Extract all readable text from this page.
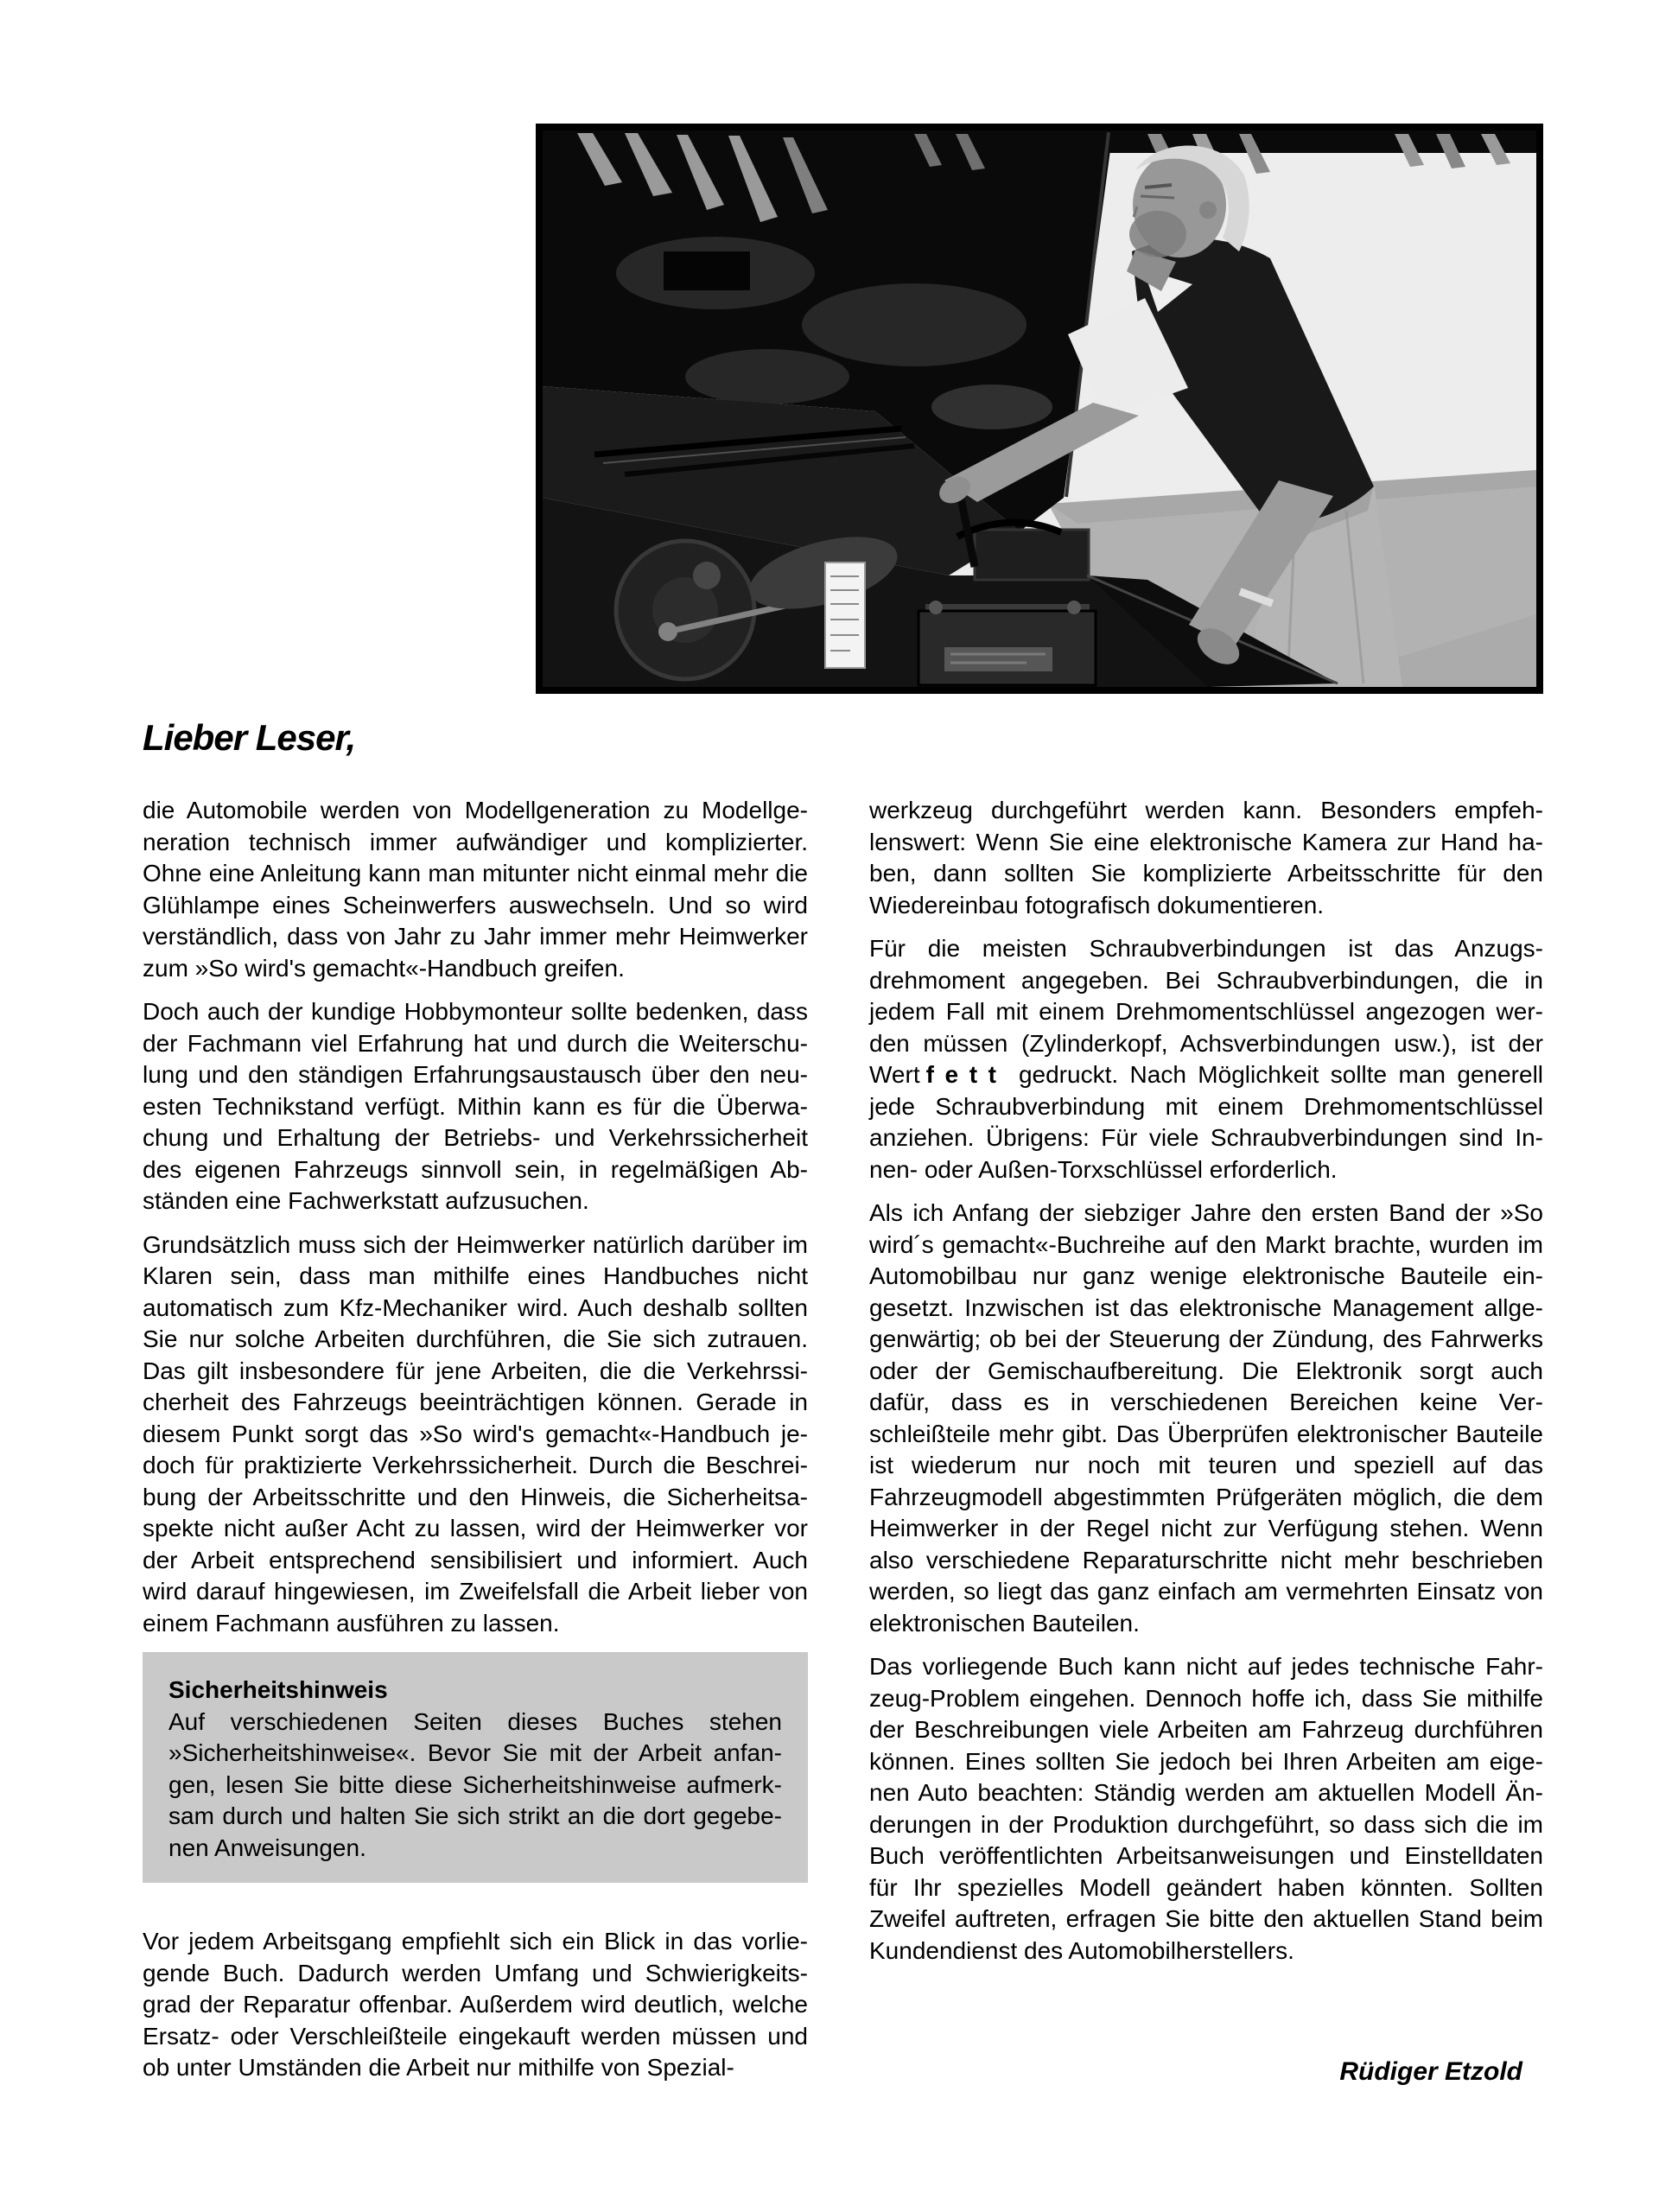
Lieber Leser,

die Automobile werden von Modellgeneration zu Modellgeneration technisch immer aufwändiger und komplizierter. Ohne eine Anleitung kann man mitunter nicht einmal mehr die Glühlampe eines Scheinwerfers auswechseln. Und so wird verständlich, dass von Jahr zu Jahr immer mehr Heimwerker zum »So wird's gemacht«-Handbuch greifen.

Doch auch der kundige Hobbymonteur sollte bedenken, dass der Fachmann viel Erfahrung hat und durch die Weiterschulung und den ständigen Erfahrungsaustausch über den neuesten Technikstand verfügt. Mithin kann es für die Überwachung und Erhaltung der Betriebs- und Verkehrssicherheit des eigenen Fahrzeugs sinnvoll sein, in regelmäßigen Abständen eine Fachwerkstatt aufzusuchen.

Grundsätzlich muss sich der Heimwerker natürlich darüber im Klaren sein, dass man mithilfe eines Handbuches nicht automatisch zum Kfz-Mechaniker wird. Auch deshalb sollten Sie nur solche Arbeiten durchführen, die Sie sich zutrauen. Das gilt insbesondere für jene Arbeiten, die die Verkehrssicherheit des Fahrzeugs beeinträchtigen können. Gerade in diesem Punkt sorgt das »So wird's gemacht«-Handbuch jedoch für praktizierte Verkehrssicherheit. Durch die Beschreibung der Arbeitsschritte und den Hinweis, die Sicherheitsaspekte nicht außer Acht zu lassen, wird der Heimwerker vor der Arbeit entsprechend sensibilisiert und informiert. Auch wird darauf hingewiesen, im Zweifelsfall die Arbeit lieber von einem Fachmann ausführen zu lassen.

Sicherheitshinweis

Auf verschiedenen Seiten dieses Buches stehen »Sicherheitshinweise«. Bevor Sie mit der Arbeit anfangen, lesen Sie bitte diese Sicherheitshinweise aufmerksam durch und halten Sie sich strikt an die dort gegebenen Anweisungen.

Vor jedem Arbeitsgang empfiehlt sich ein Blick in das vorliegende Buch. Dadurch werden Umfang und Schwierigkeitsgrad der Reparatur offenbar. Außerdem wird deutlich, welche Ersatz- oder Verschleißteile eingekauft werden müssen und ob unter Umständen die Arbeit nur mithilfe von Spezial-

werkzeug durchgeführt werden kann. Besonders empfehlenswert: Wenn Sie eine elektronische Kamera zur Hand haben, dann sollten Sie komplizierte Arbeitsschritte für den Wiedereinbau fotografisch dokumentieren.

Für die meisten Schraubverbindungen ist das Anzugsdrehmoment angegeben. Bei Schraubverbindungen, die in jedem Fall mit einem Drehmomentschlüssel angezogen werden müssen (Zylinderkopf, Achsverbindungen usw.), ist der Wert fett gedruckt. Nach Möglichkeit sollte man generell jede Schraubverbindung mit einem Drehmomentschlüssel anziehen. Übrigens: Für viele Schraubverbindungen sind Innen- oder Außen-Torxschlüssel erforderlich.

Als ich Anfang der siebziger Jahre den ersten Band der »So wird´s gemacht«-Buchreihe auf den Markt brachte, wurden im Automobilbau nur ganz wenige elektronische Bauteile eingesetzt. Inzwischen ist das elektronische Management allgegenwärtig; ob bei der Steuerung der Zündung, des Fahrwerks oder der Gemischaufbereitung. Die Elektronik sorgt auch dafür, dass es in verschiedenen Bereichen keine Verschleißteile mehr gibt. Das Überprüfen elektronischer Bauteile ist wiederum nur noch mit teuren und speziell auf das Fahrzeugmodell abgestimmten Prüfgeräten möglich, die dem Heimwerker in der Regel nicht zur Verfügung stehen. Wenn also verschiedene Reparaturschritte nicht mehr beschrieben werden, so liegt das ganz einfach am vermehrten Einsatz von elektronischen Bauteilen.

Das vorliegende Buch kann nicht auf jedes technische Fahrzeug-Problem eingehen. Dennoch hoffe ich, dass Sie mithilfe der Beschreibungen viele Arbeiten am Fahrzeug durchführen können. Eines sollten Sie jedoch bei Ihren Arbeiten am eigenen Auto beachten: Ständig werden am aktuellen Modell Änderungen in der Produktion durchgeführt, so dass sich die im Buch veröffentlichten Arbeitsanweisungen und Einstelldaten für Ihr spezielles Modell geändert haben könnten. Sollten Zweifel auftreten, erfragen Sie bitte den aktuellen Stand beim Kundendienst des Automobilherstellers.

Rüdiger Etzold
